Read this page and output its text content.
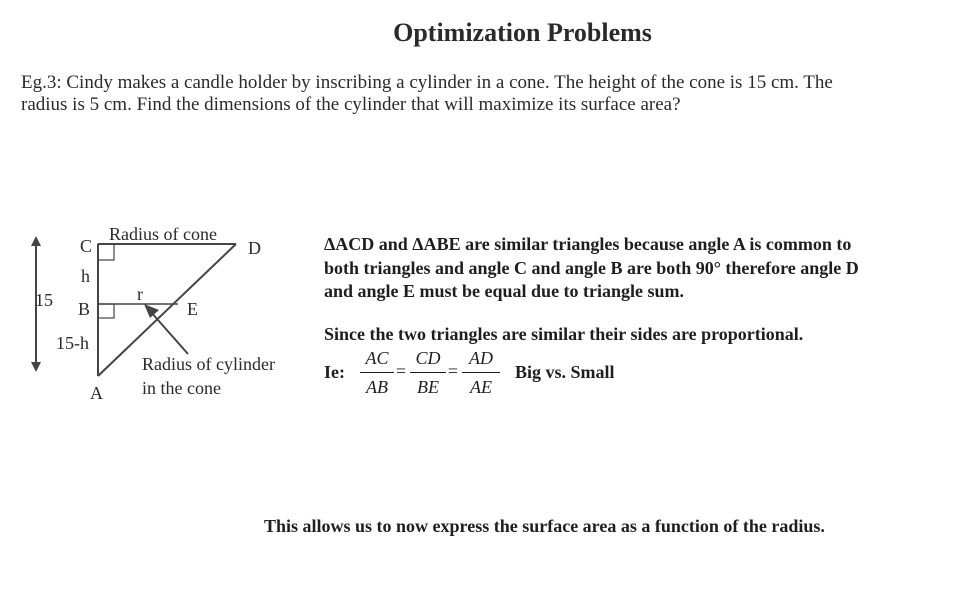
Optimization Problems
Eg.3: Cindy makes a candle holder by inscribing a cylinder in a cone. The height of the cone is 15 cm. The
radius is 5 cm. Find the dimensions of the cylinder that will maximize its surface area?
Radius of cone
C	D
h
r
15 B	E
15-h
Radius of cylinder
in the cone
A
ΔACD and ΔABE are similar triangles because angle A is common to
both triangles and angle C and angle B are both 90° therefore angle D
and angle E must be equal due to triangle sum.
Since the two triangles are similar their sides are proportional.
Ie:
AC
AB
=
CD
BE
=
AD
AE
Big vs. Small
This allows us to now express the surface area as a function of the radius.
